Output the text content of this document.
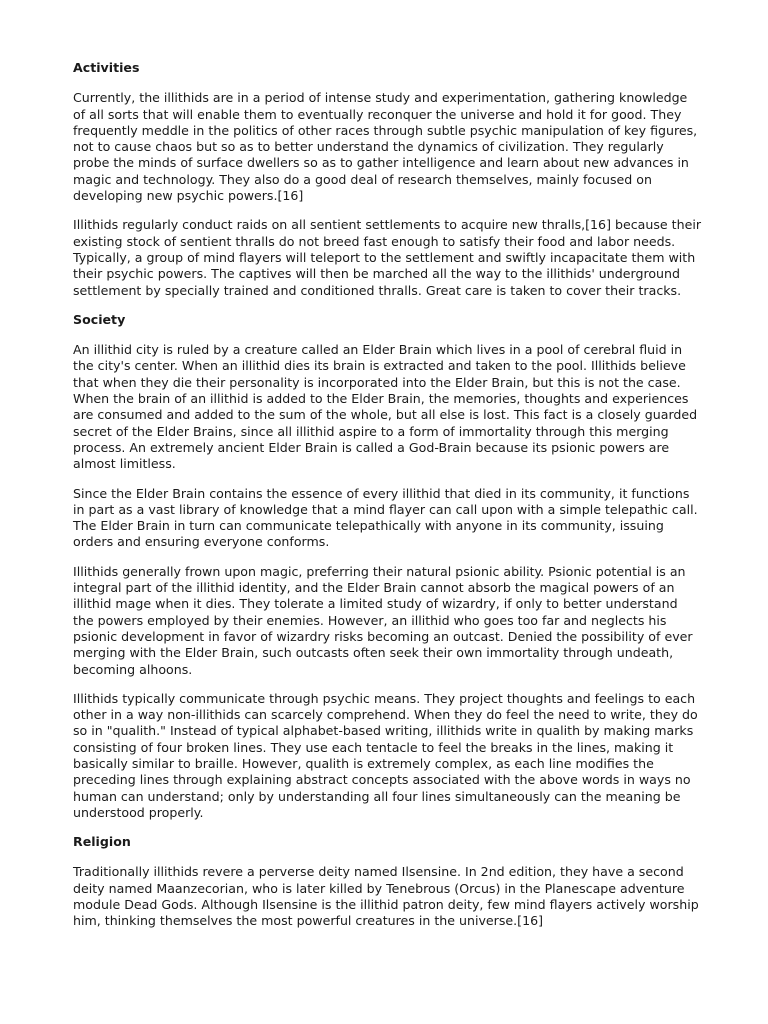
Activities

Currently, the illithids are in a period of intense study and experimentation, gathering knowledge of all sorts that will enable them to eventually reconquer the universe and hold it for good. They frequently meddle in the politics of other races through subtle psychic manipulation of key figures, not to cause chaos but so as to better understand the dynamics of civilization. They regularly probe the minds of surface dwellers so as to gather intelligence and learn about new advances in magic and technology. They also do a good deal of research themselves, mainly focused on developing new psychic powers.[16]

Illithids regularly conduct raids on all sentient settlements to acquire new thralls,[16] because their existing stock of sentient thralls do not breed fast enough to satisfy their food and labor needs. Typically, a group of mind flayers will teleport to the settlement and swiftly incapacitate them with their psychic powers. The captives will then be marched all the way to the illithids' underground settlement by specially trained and conditioned thralls. Great care is taken to cover their tracks.

Society

An illithid city is ruled by a creature called an Elder Brain which lives in a pool of cerebral fluid in the city's center. When an illithid dies its brain is extracted and taken to the pool. Illithids believe that when they die their personality is incorporated into the Elder Brain, but this is not the case. When the brain of an illithid is added to the Elder Brain, the memories, thoughts and experiences are consumed and added to the sum of the whole, but all else is lost. This fact is a closely guarded secret of the Elder Brains, since all illithid aspire to a form of immortality through this merging process. An extremely ancient Elder Brain is called a God-Brain because its psionic powers are almost limitless.

Since the Elder Brain contains the essence of every illithid that died in its community, it functions in part as a vast library of knowledge that a mind flayer can call upon with a simple telepathic call. The Elder Brain in turn can communicate telepathically with anyone in its community, issuing orders and ensuring everyone conforms.

Illithids generally frown upon magic, preferring their natural psionic ability. Psionic potential is an integral part of the illithid identity, and the Elder Brain cannot absorb the magical powers of an illithid mage when it dies. They tolerate a limited study of wizardry, if only to better understand the powers employed by their enemies. However, an illithid who goes too far and neglects his psionic development in favor of wizardry risks becoming an outcast. Denied the possibility of ever merging with the Elder Brain, such outcasts often seek their own immortality through undeath, becoming alhoons.

Illithids typically communicate through psychic means. They project thoughts and feelings to each other in a way non-illithids can scarcely comprehend. When they do feel the need to write, they do so in "qualith." Instead of typical alphabet-based writing, illithids write in qualith by making marks consisting of four broken lines. They use each tentacle to feel the breaks in the lines, making it basically similar to braille. However, qualith is extremely complex, as each line modifies the preceding lines through explaining abstract concepts associated with the above words in ways no human can understand; only by understanding all four lines simultaneously can the meaning be understood properly.

Religion

Traditionally illithids revere a perverse deity named Ilsensine. In 2nd edition, they have a second deity named Maanzecorian, who is later killed by Tenebrous (Orcus) in the Planescape adventure module Dead Gods. Although Ilsensine is the illithid patron deity, few mind flayers actively worship him, thinking themselves the most powerful creatures in the universe.[16]
